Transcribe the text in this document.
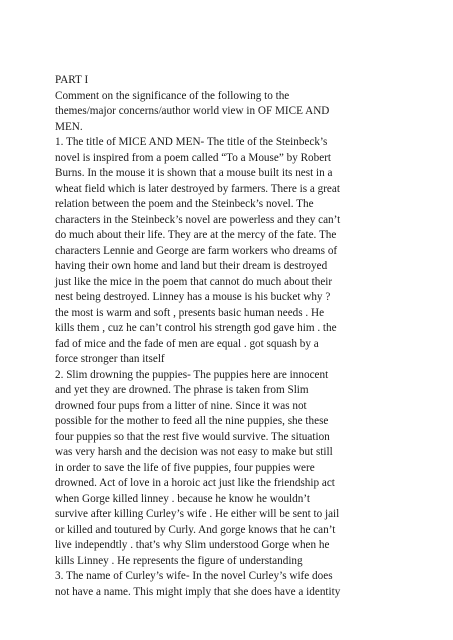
PART I
Comment on the significance of the following to the
themes/major concerns/author world view in OF MICE AND
MEN.
1. The title of MICE AND MEN- The title of the Steinbeck’s
novel is inspired from a poem called “To a Mouse” by Robert
Burns. In the mouse it is shown that a mouse built its nest in a
wheat field which is later destroyed by farmers. There is a great
relation between the poem and the Steinbeck’s novel. The
characters in the Steinbeck’s novel are powerless and they can’t
do much about their life. They are at the mercy of the fate. The
characters Lennie and George are farm workers who dreams of
having their own home and land but their dream is destroyed
just like the mice in the poem that cannot do much about their
nest being destroyed. Linney has a mouse is his bucket why ?
the most is warm and soft , presents basic human needs . He
kills them , cuz he can’t control his strength god gave him . the
fad of mice and the fade of men are equal . got squash by a
force stronger than itself
2. Slim drowning the puppies- The puppies here are innocent
and yet they are drowned. The phrase is taken from Slim
drowned four pups from a litter of nine. Since it was not
possible for the mother to feed all the nine puppies, she these
four puppies so that the rest five would survive. The situation
was very harsh and the decision was not easy to make but still
in order to save the life of five puppies, four puppies were
drowned. Act of love in a horoic act just like the friendship act
when Gorge killed linney . because he know he wouldn’t
survive after killing Curley’s wife . He either will be sent to jail
or killed and toutured by Curly. And gorge knows that he can’t
live independtly . that’s why Slim understood Gorge when he
kills Linney . He represents the figure of understanding
3. The name of Curley’s wife- In the novel Curley’s wife does
not have a name. This might imply that she does have a identity
